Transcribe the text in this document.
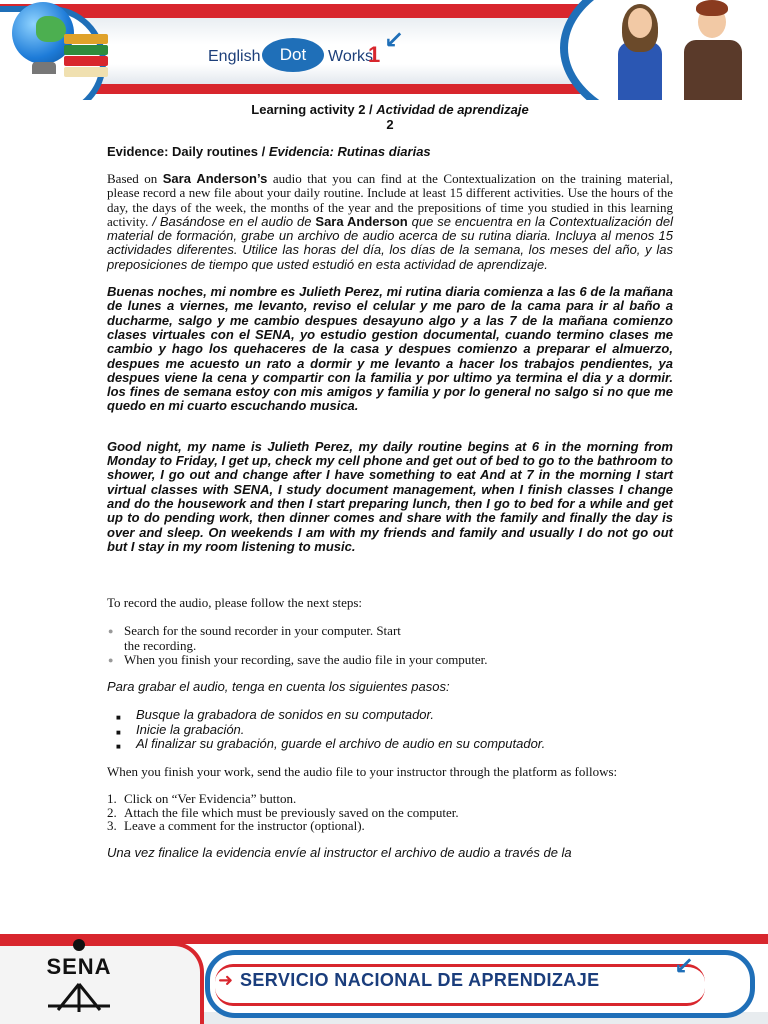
English	Dot	Works
1
↙
Learning activity 2 / Actividad de aprendizaje
2
Evidence: Daily routines / Evidencia: Rutinas diarias

Based on Sara Anderson’s audio that you can find at the Contextualization on the training material, please record a new file about your daily routine. Include at least 15 different activities. Use the hours of the day, the days of the week, the months of the year and the prepositions of time you studied in this learning activity. / Basándose en el audio de Sara Anderson que se encuentra en la Contextualización del material de formación, grabe un archivo de audio acerca de su rutina diaria. Incluya al menos 15 actividades diferentes. Utilice las horas del día, los días de la semana, los meses del año, y las preposiciones de tiempo que usted estudió en esta actividad de aprendizaje.

Buenas noches, mi nombre es Julieth Perez, mi rutina diaria comienza a las 6 de la mañana de lunes a viernes, me levanto, reviso el celular y me paro de la cama para ir al baño a ducharme, salgo y me cambio despues desayuno algo y a las 7 de la mañana comienzo clases virtuales con el SENA, yo estudio gestion documental, cuando termino clases me cambio y hago los quehaceres de la casa y despues comienzo a preparar el almuerzo, despues me acuesto un rato a dormir y me levanto a hacer los trabajos pendientes, ya despues viene la cena y compartir con la familia y por ultimo ya termina el dia y a dormir. los fines de semana estoy con mis amigos y familia y por lo general no salgo si no que me quedo en mi cuarto escuchando musica.

Good night, my name is Julieth Perez, my daily routine begins at 6 in the morning from Monday to Friday, I get up, check my cell phone and get out of bed to go to the bathroom to shower, I go out and change after I have something to eat And at 7 in the morning I start virtual classes with SENA, I study document management, when I finish classes I change and do the housework and then I start preparing lunch, then I go to bed for a while and get up to do pending work, then dinner comes and share with the family and finally the day is over and sleep. On weekends I am with my friends and family and usually I do not go out but I stay in my room listening to music.

To record the audio, please follow the next steps:

● Search for the sound recorder in your computer. Start
the recording.
● When you finish your recording, save the audio file in your computer.

Para grabar el audio, tenga en cuenta los siguientes pasos:

■ Busque la grabadora de sonidos en su computador.
■ Inicie la grabación.
■ Al finalizar su grabación, guarde el archivo de audio en su computador.

When you finish your work, send the audio file to your instructor through the platform as follows:

1. Click on “Ver Evidencia” button.
2. Attach the file which must be previously saved on the computer.
3. Leave a comment for the instructor (optional).

Una vez finalice la evidencia envíe al instructor el archivo de audio a través de la

SENA
➜ SERVICIO NACIONAL DE APRENDIZAJE	↙
